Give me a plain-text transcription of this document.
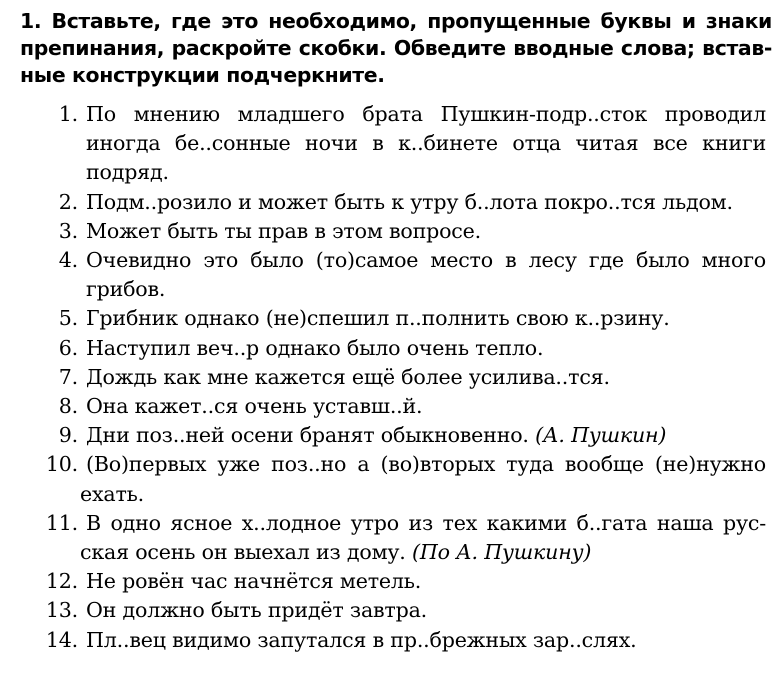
1. Вставьте, где это необходимо, пропущенные буквы и знаки
препинания, раскройте скобки. Обведите вводные слова; встав-
ные конструкции подчеркните.
1. По мнению младшего брата Пушкин-подр..сток проводил
иногда бе..сонные ночи в к..бинете отца читая все книги
подряд.
2. Подм..розило и может быть к утру б..лота покро..тся льдом.
3. Может быть ты прав в этом вопросе.
4. Очевидно это было (то)самое место в лесу где было много
грибов.
5. Грибник однако (не)спешил п..полнить свою к..рзину.
6. Наступил веч..р однако было очень тепло.
7. Дождь как мне кажется ещё более усилива..тся.
8. Она кажет..ся очень уставш..й.
9. Дни поз..ней осени бранят обыкновенно. (А. Пушкин)
10. (Во)первых уже поз..но а (во)вторых туда вообще (не)нужно
ехать.
11. В одно ясное х..лодное утро из тех какими б..гата наша рус-
ская осень он выехал из дому. (По А. Пушкину)
12. Не ровён час начнётся метель.
13. Он должно быть придёт завтра.
14. Пл..вец видимо запутался в пр..брежных зар..слях.
